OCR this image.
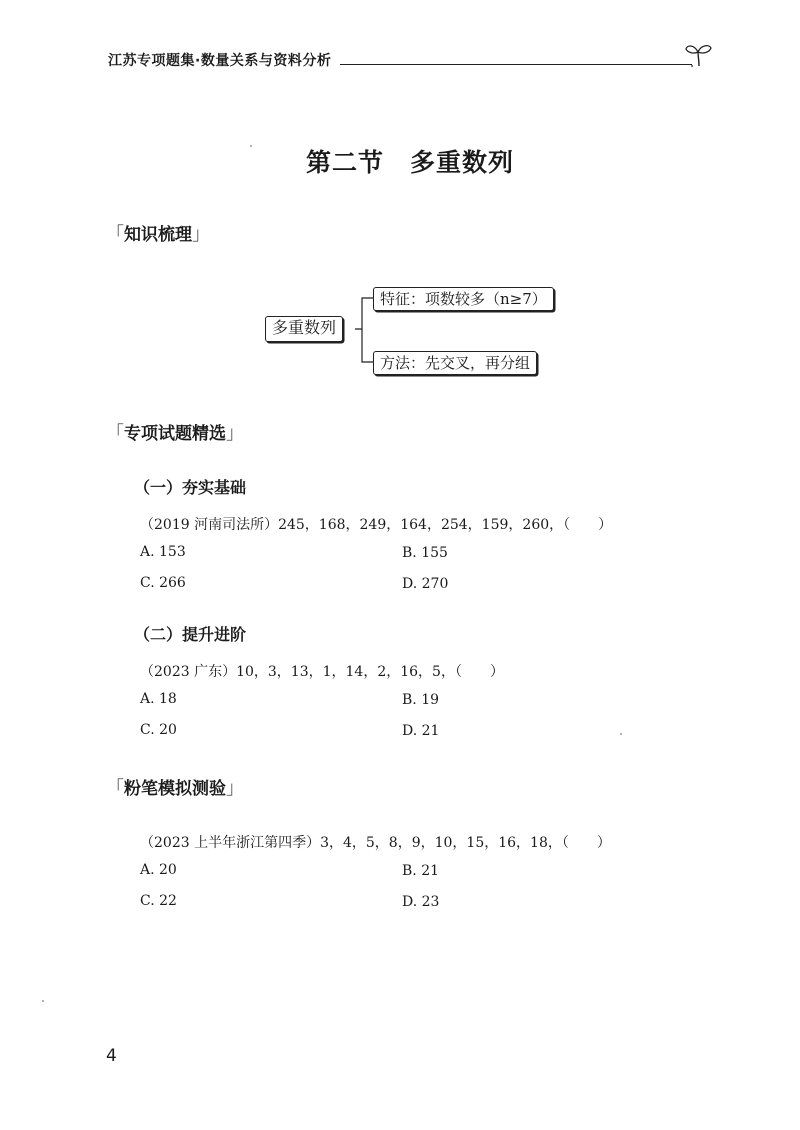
江苏专项题集·数量关系与资料分析
第二节　多重数列
「知识梳理」
多重数列
特征：项数较多（n≥7）
方法：先交叉，再分组
「专项试题精选」
（一）夯实基础
（2019 河南司法所）245，168，249，164，254，159，260，（　　）
A. 153	B. 155
C. 266	D. 270
（二）提升进阶
（2023 广东）10，3，13，1，14，2，16，5，（　　）
A. 18	B. 19
C. 20	D. 21
「粉笔模拟测验」
（2023 上半年浙江第四季）3，4，5，8，9，10，15，16，18，（　　）
A. 20	B. 21
C. 22	D. 23
4
